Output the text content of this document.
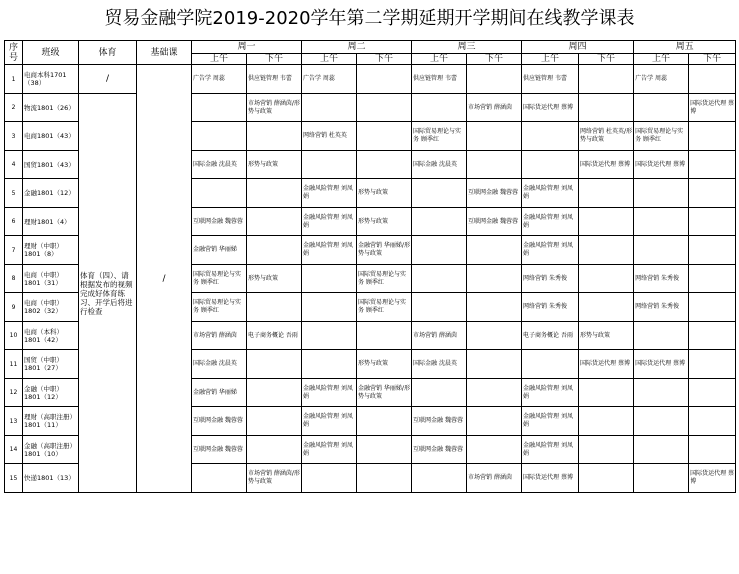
贸易金融学院2019-2020学年第二学期延期开学期间在线教学课表
序号	班级	体育	基础课	周一		周二		周三		周四		周五	
				上午	下午	上午	下午	上午	下午	上午	下午	上午	下午
1	电商本科1701（38）	/	/	广告学 周蕊	供应链管理 韦蕾	广告学 周蕊		供应链管理 韦蕾		供应链管理 韦蕾		广告学 周蕊	
2	物流1801（26）	体育（四）、请根据发布的视频完成好体育练习、开学后将进行检查			市场营销 薛涵茵/形势与政策				市场营销 薛涵茵	国际货运代理 蔡博			国际货运代理 蔡博
3	电商1801（43）					网络营销 杜英英		国际贸易理论与实务 顾季红			网络营销 杜英英/形势与政策	国际贸易理论与实务 顾季红	
4	国贸1801（43）			国际金融 沈晨英	形势与政策			国际金融 沈晨英			国际货运代理 蔡博	国际货运代理 蔡博	
5	金融1801（12）					金融风险管理 刘凤娟	形势与政策		互联网金融 魏蓉蓉	金融风险管理 刘凤娟			
6	理财1801（4）			互联网金融 魏蓉蓉		金融风险管理 刘凤娟	形势与政策		互联网金融 魏蓉蓉	金融风险管理 刘凤娟			
7	理财（中职）1801（8）			金融营销 华丽娣		金融风险管理 刘凤娟	金融营销 华丽娣/形势与政策			金融风险管理 刘凤娟			
8	电商（中职）1801（31）			国际贸易理论与实务 顾季红	形势与政策		国际贸易理论与实务 顾季红			网络营销 朱秀俊		网络营销 朱秀俊	
9	电商（中职）1802（32）			国际贸易理论与实务 顾季红			国际贸易理论与实务 顾季红			网络营销 朱秀俊		网络营销 朱秀俊	
10	电商（本科）1801（42）			市场营销 薛涵茵	电子商务概论 吾雨			市场营销 薛涵茵		电子商务概论 吾雨	形势与政策		
11	国贸（中职）1801（27）			国际金融 沈晨英			形势与政策	国际金融 沈晨英			国际货运代理 蔡博	国际货运代理 蔡博	
12	金融（中职）1801（12）			金融营销 华丽娣		金融风险管理 刘凤娟	金融营销 华丽娣/形势与政策			金融风险管理 刘凤娟			
13	理财（高职注册）1801（11）			互联网金融 魏蓉蓉		金融风险管理 刘凤娟		互联网金融 魏蓉蓉		金融风险管理 刘凤娟			
14	金融（高职注册）1801（10）			互联网金融 魏蓉蓉		金融风险管理 刘凤娟		互联网金融 魏蓉蓉		金融风险管理 刘凤娟			
15	快递1801（13）				市场营销 薛涵茵/形势与政策				市场营销 薛涵茵	国际货运代理 蔡博			国际货运代理 蔡博
